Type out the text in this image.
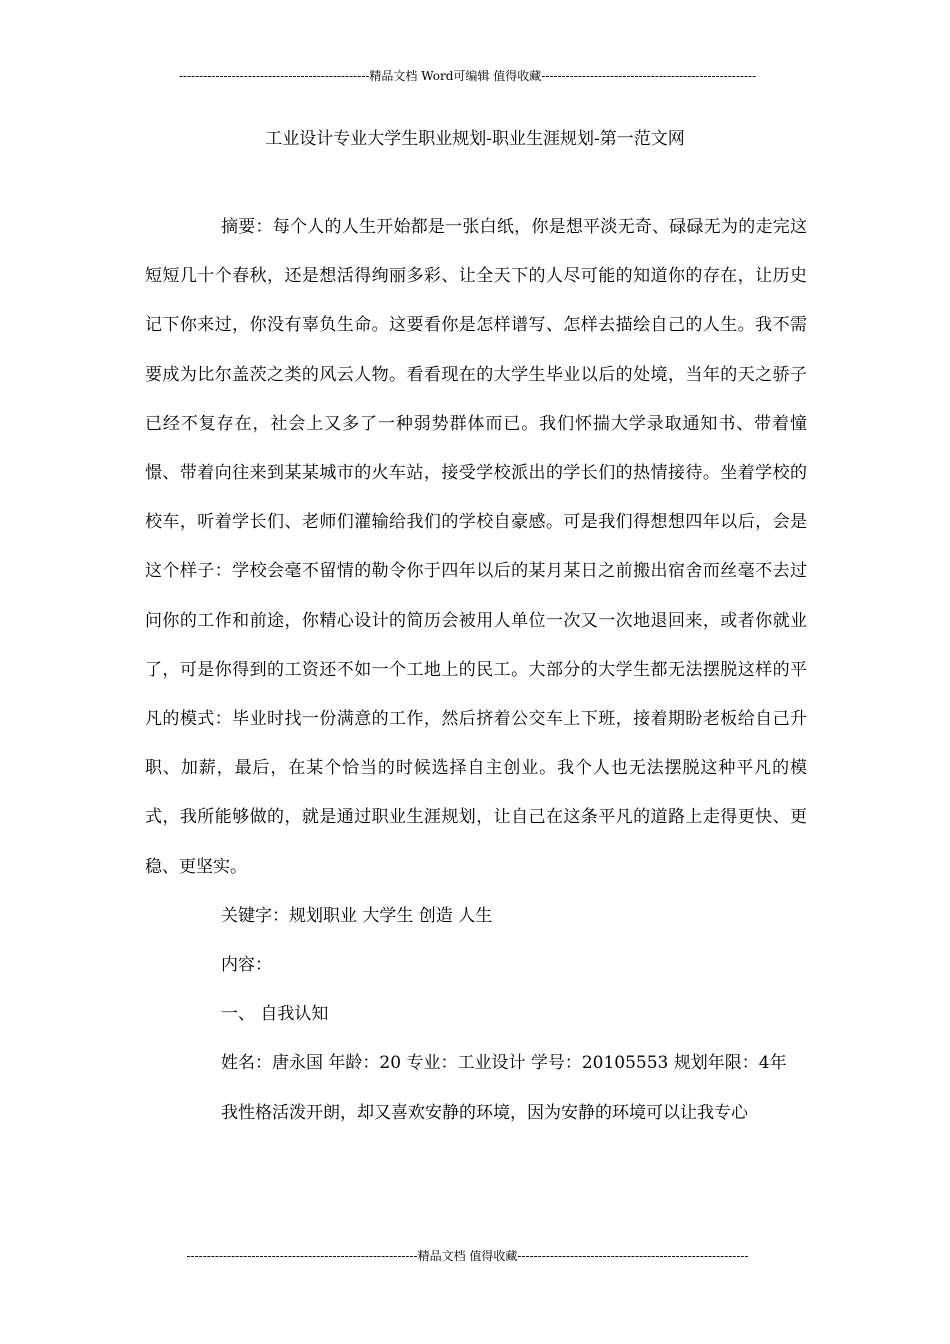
-----------------------------------------------精品文档 Word可编辑 值得收藏-----------------------------------------------------
工业设计专业大学生职业规划-职业生涯规划-第一范文网

摘要：每个人的人生开始都是一张白纸，你是想平淡无奇、碌碌无为的走完这短短几十个春秋，还是想活得绚丽多彩、让全天下的人尽可能的知道你的存在，让历史记下你来过，你没有辜负生命。这要看你是怎样谱写、怎样去描绘自己的人生。我不需要成为比尔盖茨之类的风云人物。看看现在的大学生毕业以后的处境，当年的天之骄子已经不复存在，社会上又多了一种弱势群体而已。我们怀揣大学录取通知书、带着憧憬、带着向往来到某某城市的火车站，接受学校派出的学长们的热情接待。坐着学校的校车，听着学长们、老师们灌输给我们的学校自豪感。可是我们得想想四年以后，会是这个样子：学校会毫不留情的勒令你于四年以后的某月某日之前搬出宿舍而丝毫不去过问你的工作和前途，你精心设计的简历会被用人单位一次又一次地退回来，或者你就业了，可是你得到的工资还不如一个工地上的民工。大部分的大学生都无法摆脱这样的平凡的模式：毕业时找一份满意的工作，然后挤着公交车上下班，接着期盼老板给自己升职、加薪，最后，在某个恰当的时候选择自主创业。我个人也无法摆脱这种平凡的模式，我所能够做的，就是通过职业生涯规划，让自己在这条平凡的道路上走得更快、更稳、更坚实。

关键字：规划职业 大学生 创造 人生

内容：

一、 自我认知

姓名：唐永国 年龄：20 专业：工业设计 学号：20105553 规划年限：4年

我性格活泼开朗，却又喜欢安静的环境，因为安静的环境可以让我专心

---------------------------------------------------------精品文档 值得收藏---------------------------------------------------------
